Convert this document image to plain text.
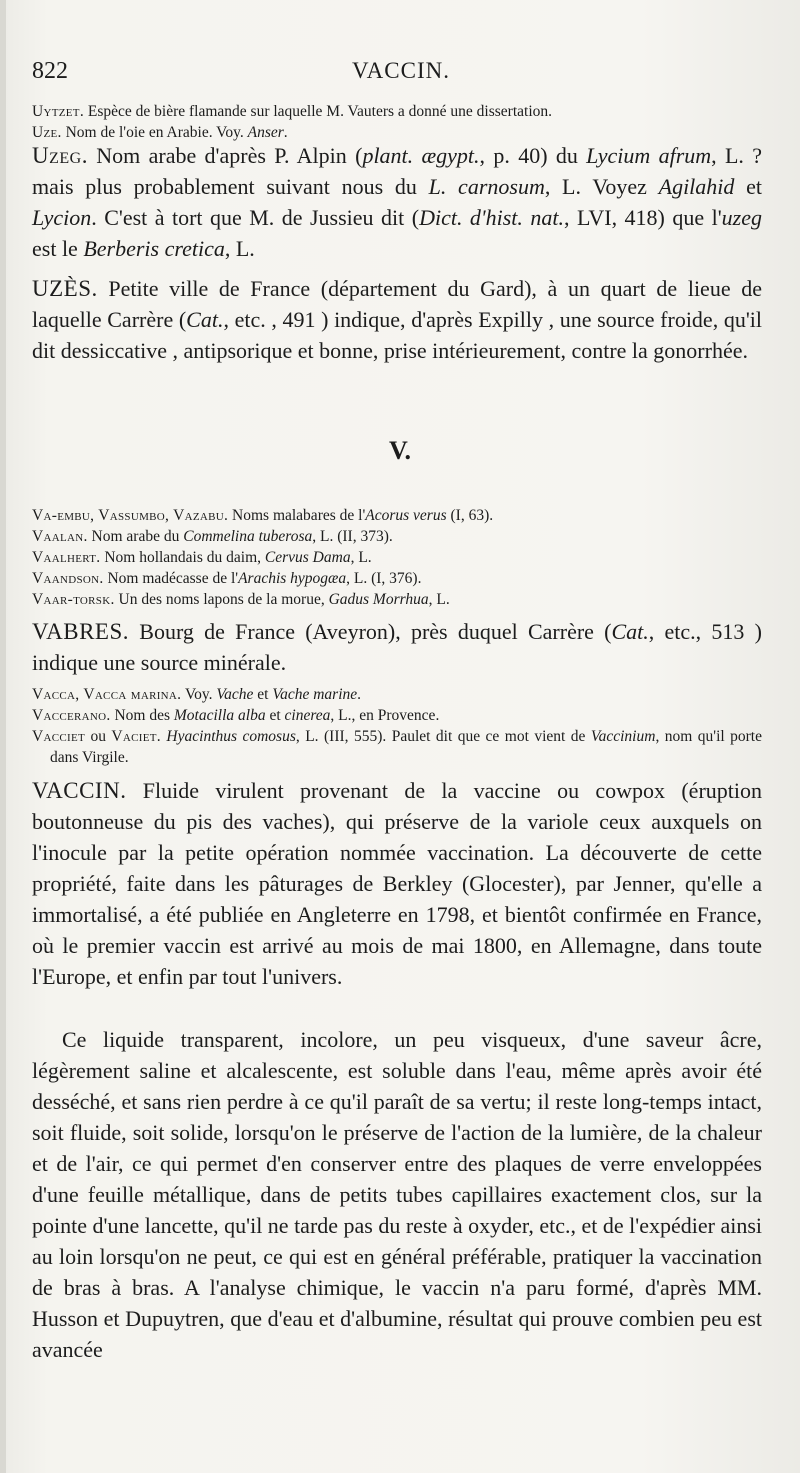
822	VACCIN.

Uytzet. Espèce de bière flamande sur laquelle M. Vauters a donné une dissertation.

Uze. Nom de l'oie en Arabie. Voy. Anser.

Uzeg. Nom arabe d'après P. Alpin (plant. ægypt., p. 40) du Lycium afrum, L. ? mais plus probablement suivant nous du L. carnosum, L. Voyez Agilahid et Lycion. C'est à tort que M. de Jussieu dit (Dict. d'hist. nat., LVI, 418) que l'uzeg est le Berberis cretica, L.

UZÈS. Petite ville de France (département du Gard), à un quart de lieue de laquelle Carrère (Cat., etc. , 491 ) indique, d'après Expilly , une source froide, qu'il dit dessiccative , antipsorique et bonne, prise intérieurement, contre la gonorrhée.

V.

Va-embu, Vassumbo, Vazabu. Noms malabares de l'Acorus verus (I, 63).

Vaalan. Nom arabe du Commelina tuberosa, L. (II, 373).

Vaalhert. Nom hollandais du daim, Cervus Dama, L.

Vaandson. Nom madécasse de l'Arachis hypogæa, L. (I, 376).

Vaar-torsk. Un des noms lapons de la morue, Gadus Morrhua, L.

VABRES. Bourg de France (Aveyron), près duquel Carrère (Cat., etc., 513 ) indique une source minérale.

Vacca, Vacca marina. Voy. Vache et Vache marine.

Vaccerano. Nom des Motacilla alba et cinerea, L., en Provence.

Vacciet ou Vaciet. Hyacinthus comosus, L. (III, 555). Paulet dit que ce mot vient de Vaccinium, nom qu'il porte dans Virgile.

VACCIN. Fluide virulent provenant de la vaccine ou cowpox (éruption boutonneuse du pis des vaches), qui préserve de la variole ceux auxquels on l'inocule par la petite opération nommée vaccination. La découverte de cette propriété, faite dans les pâturages de Berkley (Glocester), par Jenner, qu'elle a immortalisé, a été publiée en Angleterre en 1798, et bientôt confirmée en France, où le premier vaccin est arrivé au mois de mai 1800, en Allemagne, dans toute l'Europe, et enfin par tout l'univers.

Ce liquide transparent, incolore, un peu visqueux, d'une saveur âcre, légèrement saline et alcalescente, est soluble dans l'eau, même après avoir été desséché, et sans rien perdre à ce qu'il paraît de sa vertu; il reste long-temps intact, soit fluide, soit solide, lorsqu'on le préserve de l'action de la lumière, de la chaleur et de l'air, ce qui permet d'en conserver entre des plaques de verre enveloppées d'une feuille métallique, dans de petits tubes capillaires exactement clos, sur la pointe d'une lancette, qu'il ne tarde pas du reste à oxyder, etc., et de l'expédier ainsi au loin lorsqu'on ne peut, ce qui est en général préférable, pratiquer la vaccination de bras à bras. A l'analyse chimique, le vaccin n'a paru formé, d'après MM. Husson et Dupuytren, que d'eau et d'albumine, résultat qui prouve combien peu est avancée
